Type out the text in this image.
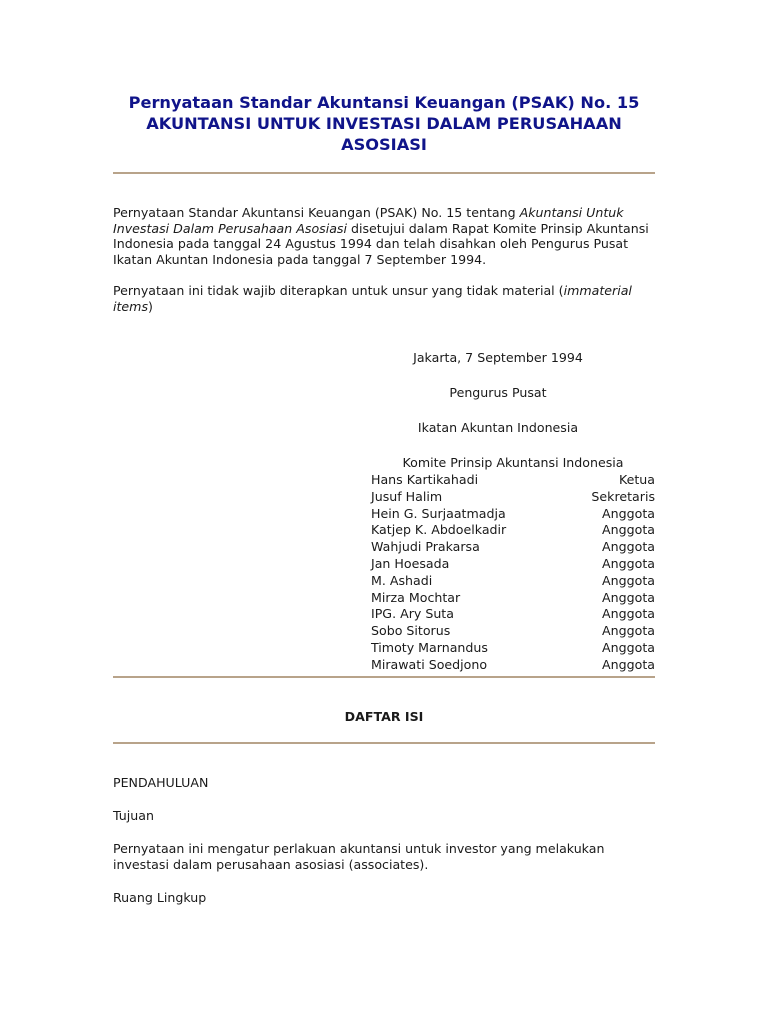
Pernyataan Standar Akuntansi Keuangan (PSAK) No. 15
AKUNTANSI UNTUK INVESTASI DALAM PERUSAHAAN
ASOSIASI
Pernyataan Standar Akuntansi Keuangan (PSAK) No. 15 tentang Akuntansi Untuk Investasi Dalam Perusahaan Asosiasi disetujui dalam Rapat Komite Prinsip Akuntansi Indonesia pada tanggal 24 Agustus 1994 dan telah disahkan oleh Pengurus Pusat Ikatan Akuntan Indonesia pada tanggal 7 September 1994.
Pernyataan ini tidak wajib diterapkan untuk unsur yang tidak material (immaterial items)
Jakarta, 7 September 1994
Pengurus Pusat
Ikatan Akuntan Indonesia
Komite Prinsip Akuntansi Indonesia
Hans Kartikahadi	Ketua
Jusuf Halim	Sekretaris
Hein G. Surjaatmadja	Anggota
Katjep K. Abdoelkadir	Anggota
Wahjudi Prakarsa	Anggota
Jan Hoesada	Anggota
M. Ashadi	Anggota
Mirza Mochtar	Anggota
IPG. Ary Suta	Anggota
Sobo Sitorus	Anggota
Timoty Marnandus	Anggota
Mirawati Soedjono	Anggota
DAFTAR ISI
PENDAHULUAN
Tujuan
Pernyataan ini mengatur perlakuan akuntansi untuk investor yang melakukan investasi dalam perusahaan asosiasi (associates).
Ruang Lingkup
